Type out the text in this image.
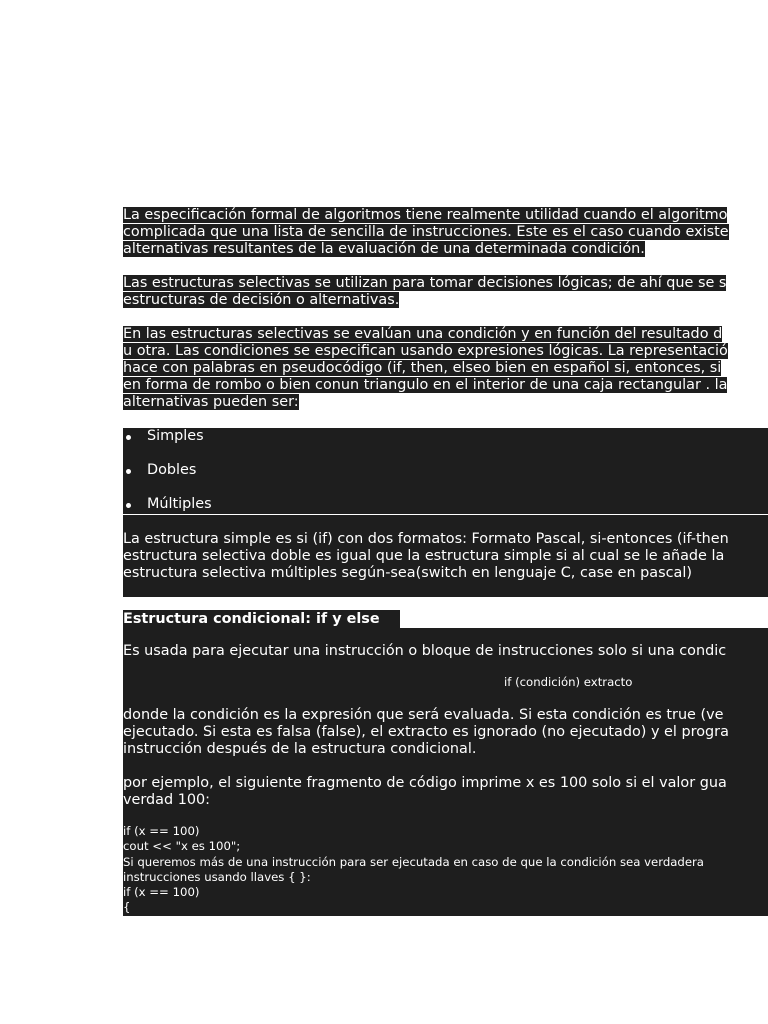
La especificación formal de algoritmos tiene realmente utilidad cuando el algoritmo
complicada que una lista de sencilla de instrucciones. Este es el caso cuando existe
alternativas resultantes de la evaluación de una determinada condición.
Las estructuras selectivas se utilizan para tomar decisiones lógicas; de ahí que se s
estructuras de decisión o alternativas.
En las estructuras selectivas se evalúan una condición y en función del resultado d
u otra. Las condiciones se especifican usando expresiones lógicas. La representació
hace con palabras en pseudocódigo (if, then, elseo bien en español si, entonces, si
en forma de rombo o bien conun triangulo en el interior de una caja rectangular . la
alternativas pueden ser:
Simples
Dobles
Múltiples
La estructura simple es si (if) con dos formatos: Formato Pascal, si-entonces (if-then
estructura selectiva doble es igual que la estructura simple si al cual se le añade la
estructura selectiva múltiples según-sea(switch en lenguaje C, case en pascal)
Estructura condicional: if y else
Es usada para ejecutar una instrucción o bloque de instrucciones solo si una condic
if (condición) extracto
donde la condición es la expresión que será evaluada. Si esta condición es true (ve
ejecutado. Si esta es falsa (false), el extracto es ignorado (no ejecutado) y el progra
instrucción después de la estructura condicional.
por ejemplo, el siguiente fragmento de código imprime x es 100 solo si el valor gua
verdad 100:
if (x == 100)
cout << "x es 100";
Si queremos más de una instrucción para ser ejecutada en caso de que la condición sea verdadera
instrucciones usando llaves { }:
if (x == 100)
{
